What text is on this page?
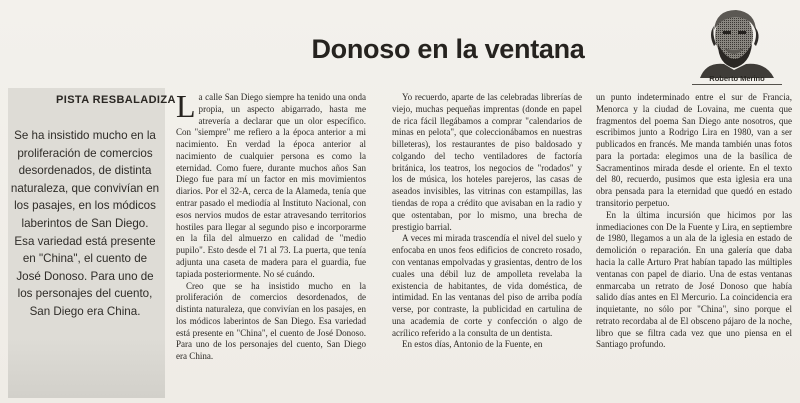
PISTA RESBALADIZA
Se ha insistido mucho en la proliferación de comercios desordenados, de distinta naturaleza, que convivían en los pasajes, en los módicos laberintos de San Diego. Esa variedad está presente en "China", el cuento de José Donoso. Para uno de los personajes del cuento, San Diego era China.
Donoso en la ventana
Roberto Merino

La calle San Diego siempre ha tenido una onda propia, un aspecto abigarrado, hasta me atrevería a declarar que un olor específico. Con "siempre" me refiero a la época anterior a mi nacimiento. En verdad la época anterior al nacimiento de cualquier persona es como la eternidad. Como fuere, durante muchos años San Diego fue para mí un factor en mis movimientos diarios. Por el 32-A, cerca de la Alameda, tenía que entrar pasado el mediodía al Instituto Nacional, con esos nervios mudos de estar atravesando territorios hostiles para llegar al segundo piso e incorporarme en la fila del almuerzo en calidad de "medio pupilo". Esto desde el 71 al 73. La puerta, que tenía adjunta una caseta de madera para el guardia, fue tapiada posteriormente. No sé cuándo.

Creo que se ha insistido mucho en la proliferación de comercios desordenados, de distinta naturaleza, que convivían en los pasajes, en los módicos laberintos de San Diego. Esa variedad está presente en "China", el cuento de José Donoso. Para uno de los personajes del cuento, San Diego era China.

Yo recuerdo, aparte de las celebradas librerías de viejo, muchas pequeñas imprentas (donde en papel de rica fácil llegábamos a comprar "calendarios de minas en pelota", que coleccionábamos en nuestras billeteras), los restaurantes de piso baldosado y colgando del techo ventiladores de factoría británica, los teatros, los negocios de "rodados" y los de música, los hoteles parejeros, las casas de aseados invisibles, las vitrinas con estampillas, las tiendas de ropa a crédito que avisaban en la radio y que ostentaban, por lo mismo, una brecha de prestigio barrial.

A veces mi mirada trascendía el nivel del suelo y enfocaba en unos feos edificios de concreto rosado, con ventanas empolvadas y grasientas, dentro de los cuales una débil luz de ampolleta revelaba la existencia de habitantes, de vida doméstica, de intimidad. En las ventanas del piso de arriba podía verse, por contraste, la publicidad en cartulina de una academia de corte y confección o algo de acrílico referido a la consulta de un dentista.

En estos días, Antonio de la Fuente, en

un punto indeterminado entre el sur de Francia, Menorca y la ciudad de Lovaina, me cuenta que fragmentos del poema San Diego ante nosotros, que escribimos junto a Rodrigo Lira en 1980, van a ser publicados en francés. Me manda también unas fotos para la portada: elegimos una de la basílica de Sacramentinos mirada desde el oriente. En el texto del 80, recuerdo, pusimos que esta iglesia era una obra pensada para la eternidad que quedó en estado transitorio perpetuo.

En la última incursión que hicimos por las inmediaciones con De la Fuente y Lira, en septiembre de 1980, llegamos a un ala de la iglesia en estado de demolición o reparación. En una galería que daba hacia la calle Arturo Prat habían tapado las múltiples ventanas con papel de diario. Una de estas ventanas enmarcaba un retrato de José Donoso que había salido días antes en El Mercurio. La coincidencia era inquietante, no sólo por "China", sino porque el retrato recordaba al de El obsceno pájaro de la noche, libro que se filtra cada vez que uno piensa en el Santiago profundo.
